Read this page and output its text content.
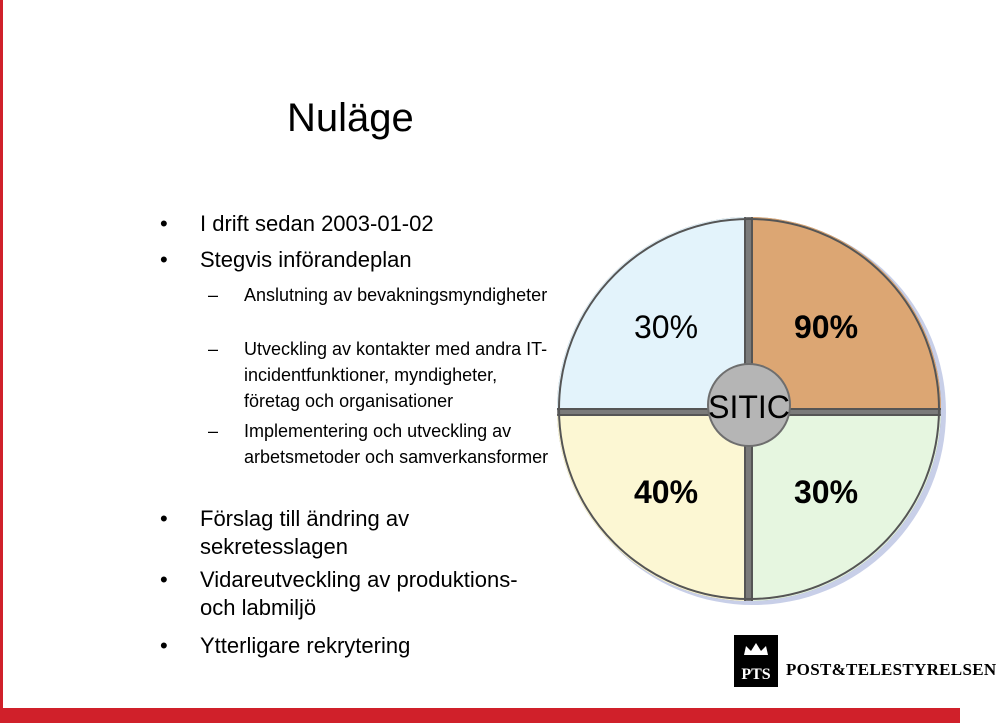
Nuläge
•	I drift sedan 2003-01-02
•	Stegvis införandeplan
–	Anslutning av bevakningsmyndigheter
–	Utveckling av kontakter med andra IT-incidentfunktioner, myndigheter, företag och organisationer
–	Implementering och utveckling av arbetsmetoder och samverkansformer
•	Förslag till ändring av sekretesslagen
•	Vidareutveckling av produktions- och labmiljö
•	Ytterligare rekrytering
SITIC
30%	90%
40%	30%
PTS POST&TELESTYRELSEN
